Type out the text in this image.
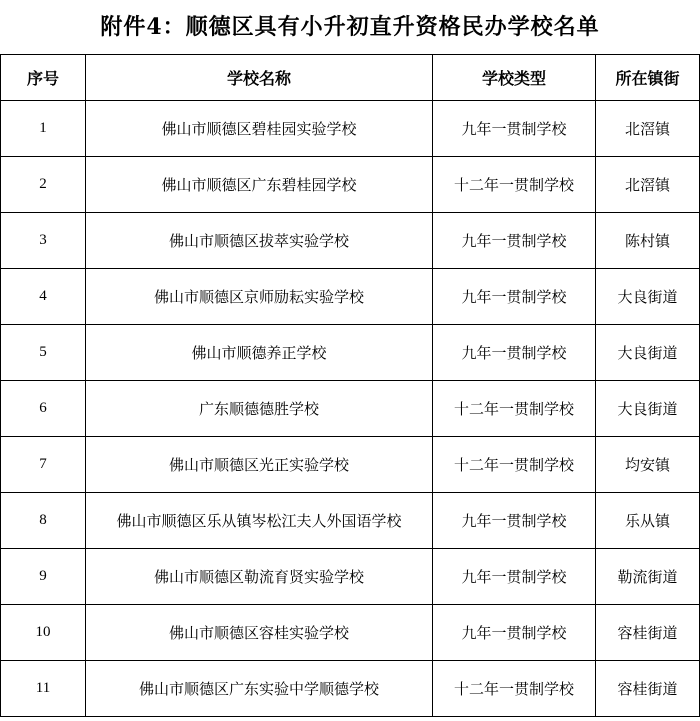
附件4：顺德区具有小升初直升资格民办学校名单
序号	学校名称	学校类型	所在镇街
1	佛山市顺德区碧桂园实验学校	九年一贯制学校	北滘镇
2	佛山市顺德区广东碧桂园学校	十二年一贯制学校	北滘镇
3	佛山市顺德区拔萃实验学校	九年一贯制学校	陈村镇
4	佛山市顺德区京师励耘实验学校	九年一贯制学校	大良街道
5	佛山市顺德养正学校	九年一贯制学校	大良街道
6	广东顺德德胜学校	十二年一贯制学校	大良街道
7	佛山市顺德区光正实验学校	十二年一贯制学校	均安镇
8	佛山市顺德区乐从镇岑松江夫人外国语学校	九年一贯制学校	乐从镇
9	佛山市顺德区勒流育贤实验学校	九年一贯制学校	勒流街道
10	佛山市顺德区容桂实验学校	九年一贯制学校	容桂街道
11	佛山市顺德区广东实验中学顺德学校	十二年一贯制学校	容桂街道
